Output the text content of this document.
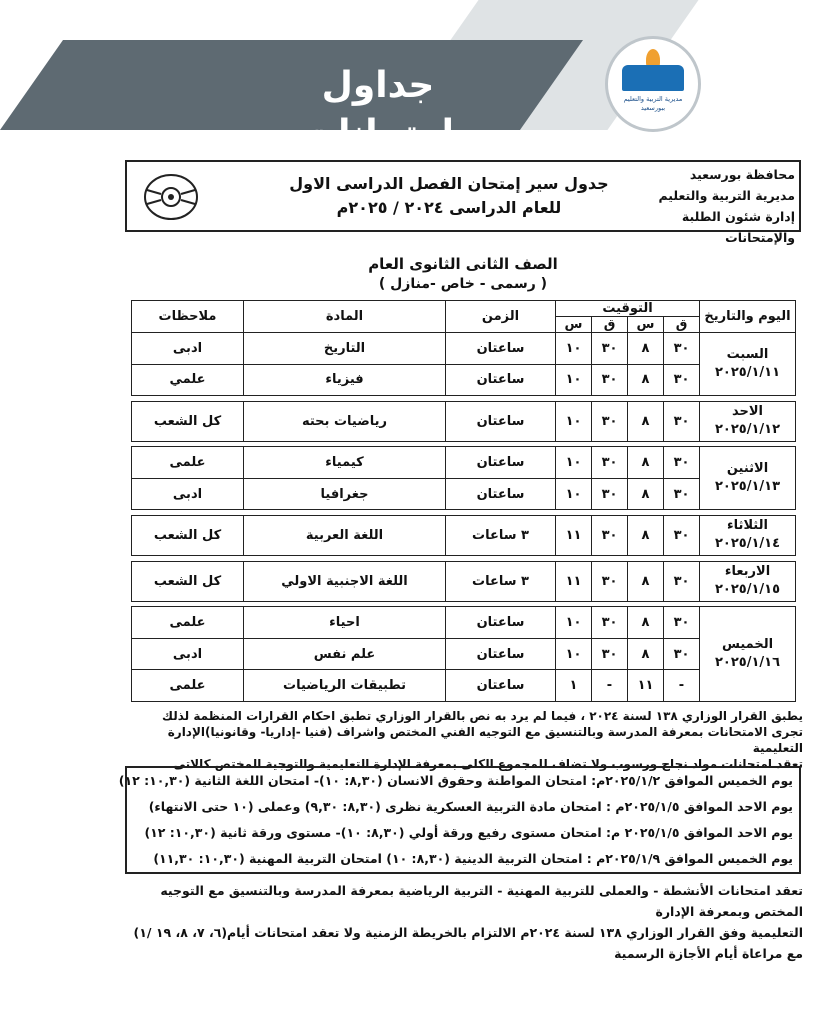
جداول امتحانات
مديرية التربية والتعليم ببورسعيد
محافظة بورسعيد
مديرية التربية والتعليم
إدارة شئون الطلبة والإمتحانات
جدول سير إمتحان الفصل الدراسى الاول
للعام الدراسى ٢٠٢٤ / ٢٠٢٥م
الصف الثانى الثانوى العام
( رسمى - خاص -منازل )
اليوم والتاريخ	التوقيت				الزمن	المادة	ملاحظات
	ق	س	ق	س			

السبت
٢٠٢٥/١/١١	٣٠	٨	٣٠	١٠	ساعتان	التاريخ	ادبى
	٣٠	٨	٣٠	١٠	ساعتان	فيزياء	علمي

الاحد
٢٠٢٥/١/١٢	٣٠	٨	٣٠	١٠	ساعتان	رياضيات بحته	كل الشعب

الاثنين
٢٠٢٥/١/١٣	٣٠	٨	٣٠	١٠	ساعتان	كيمياء	علمى
	٣٠	٨	٣٠	١٠	ساعتان	جغرافيا	ادبى

الثلاثاء
٢٠٢٥/١/١٤	٣٠	٨	٣٠	١١	٣ ساعات	اللغة العربية	كل الشعب

الاربعاء
٢٠٢٥/١/١٥	٣٠	٨	٣٠	١١	٣ ساعات	اللغة الاجنبية الاولي	كل الشعب

الخميس
٢٠٢٥/١/١٦	٣٠	٨	٣٠	١٠	ساعتان	احياء	علمى
	٣٠	٨	٣٠	١٠	ساعتان	علم نفس	ادبى
	-	١١	-	١	ساعتان	تطبيقات الرياضيات	علمى
يطبق القرار الوزاري ١٣٨ لسنة ٢٠٢٤ ، فيما لم يرد به نص بالقرار الوزاري تطبق احكام القرارات المنظمة لذلك
تجرى الامتحانات بمعرفة المدرسة وبالتنسيق مع التوجيه الفني المختص واشراف (فنيا -إداريا- وقانونيا)الإدارة التعليمية
تعقد امتحانات مواد نجاح ورسوب ولا تضاف للمجموع الكلى بمعرفة الإدارة التعليمية والتوجية المختص كالاتى
يوم الخميس الموافق ٢٠٢٥/١/٢م: امتحان المواطنة وحقوق الانسان (٨,٣٠: ١٠)- امتحان اللغة الثانية (١٠,٣٠: ١٢)
يوم الاحد الموافق ٢٠٢٥/١/٥م : امتحان مادة التربية العسكرية نظرى (٨,٣٠: ٩,٣٠) وعملى (١٠ حتى الانتهاء)
يوم الاحد الموافق ٢٠٢٥/١/٥ م: امتحان مستوى رفيع ورقة أولي (٨,٣٠: ١٠)- مستوى ورقة ثانية (١٠,٣٠: ١٢)
يوم الخميس الموافق ٢٠٢٥/١/٩م : امتحان التربية الدينية (٨,٣٠: ١٠) امتحان التربية المهنية (١٠,٣٠: ١١,٣٠)
تعقد امتحانات الأنشطة - والعملى للتربية المهنية - التربية الرياضية بمعرفة المدرسة وبالتنسيق مع التوجيه المختص وبمعرفة الإدارة
التعليمية وفق القرار الوزاري ١٣٨ لسنة ٢٠٢٤م الالتزام بالخريطة الزمنية ولا تعقد امتحانات أيام(٦، ٧، ٨، ١٩ /١)
مع مراعاة أيام الأجازة الرسمية
